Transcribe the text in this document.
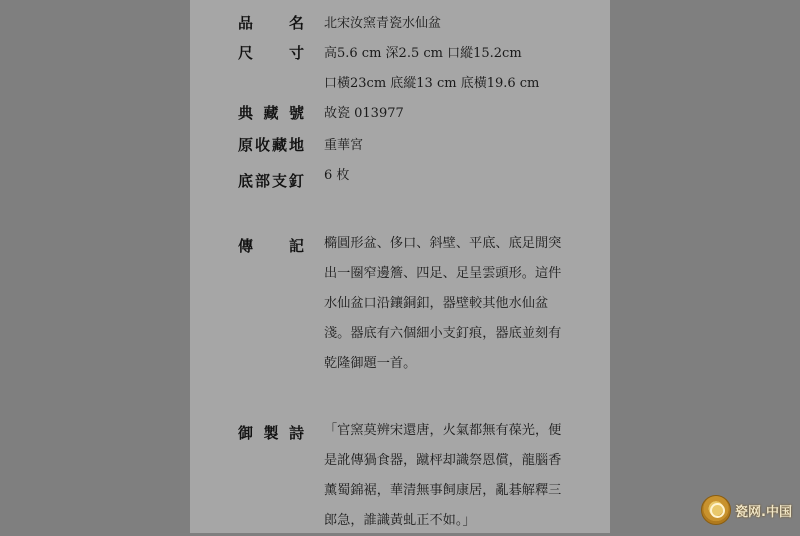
品 名 北宋汝窯青瓷水仙盆
尺 寸 高5.6 cm 深2.5 cm 口縱15.2cm
口橫23cm 底縱13 cm 底橫19.6 cm
典 藏 號 故瓷 013977
原 收 藏 地 重華宮
底 部 支 釘 6 枚
傳 記 橢圓形盆、侈口、斜壁、平底、底足閒突
出一圈窄邊簷、四足、足呈雲頭形。這件
水仙盆口沿鑲銅釦，器壁較其他水仙盆
淺。器底有六個細小支釘痕，器底並刻有
乾隆御題一首。
御 製 詩 「官窯莫辨宋還唐，火氣都無有葆光，便
是訛傳猧食器，蹴枰却識祭恩償，龍腦香
薰蜀錦裾，華清無事飼康居，亂碁解釋三
郎急，誰識黃虬正不如。」
瓷网.中国
